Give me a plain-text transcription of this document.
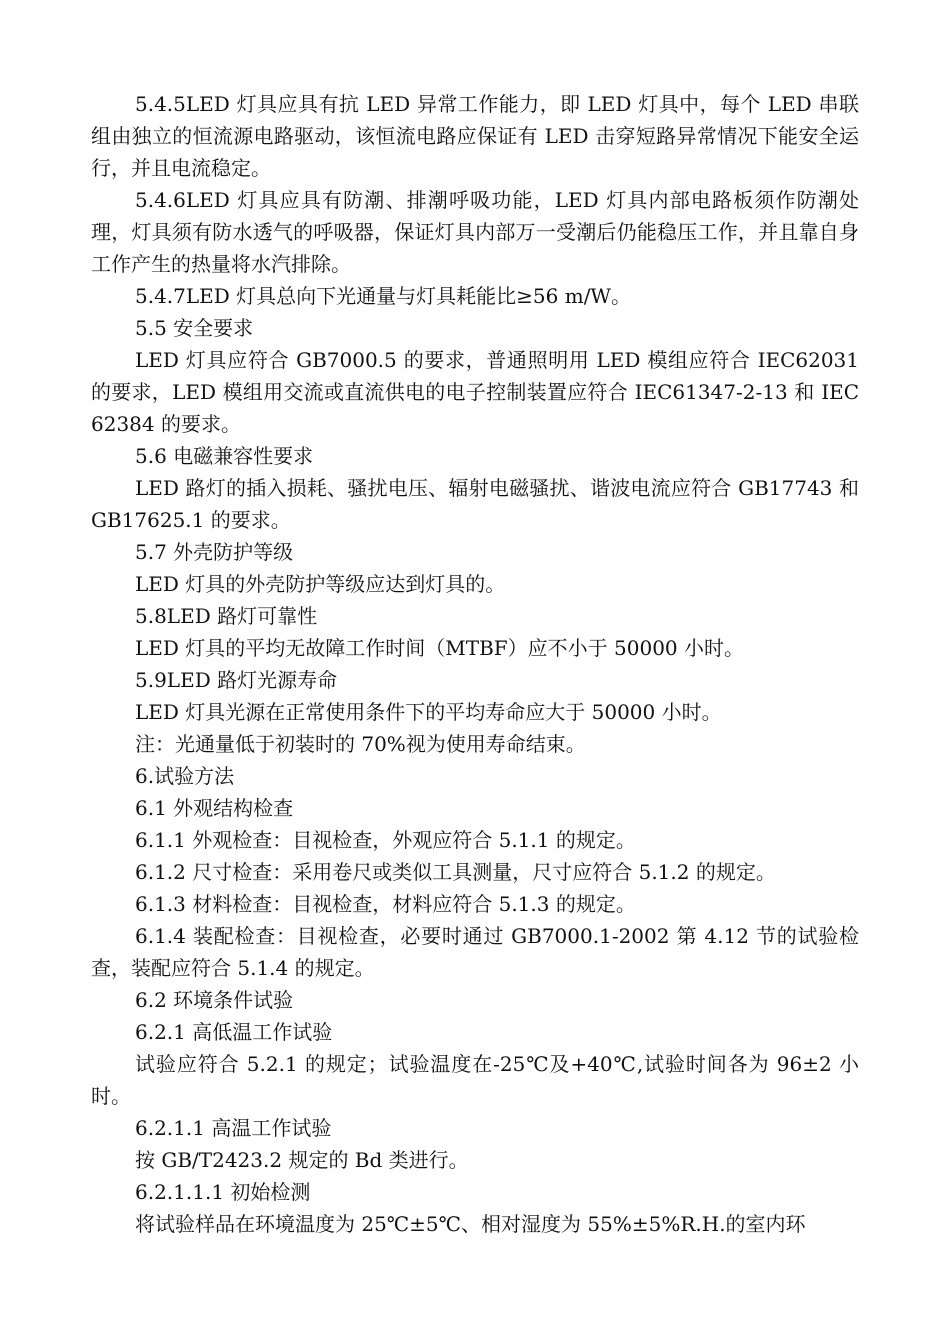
5.4.5LED 灯具应具有抗 LED 异常工作能力，即 LED 灯具中，每个 LED 串联组由独立的恒流源电路驱动，该恒流电路应保证有 LED 击穿短路异常情况下能安全运行，并且电流稳定。

5.4.6LED 灯具应具有防潮、排潮呼吸功能，LED 灯具内部电路板须作防潮处理，灯具须有防水透气的呼吸器，保证灯具内部万一受潮后仍能稳压工作，并且靠自身工作产生的热量将水汽排除。

5.4.7LED 灯具总向下光通量与灯具耗能比≥56 m/W。

5.5 安全要求

LED 灯具应符合 GB7000.5 的要求，普通照明用 LED 模组应符合 IEC62031 的要求，LED 模组用交流或直流供电的电子控制装置应符合 IEC61347-2-13 和 IEC62384 的要求。

5.6 电磁兼容性要求

LED 路灯的插入损耗、骚扰电压、辐射电磁骚扰、谐波电流应符合 GB17743 和 GB17625.1 的要求。

5.7 外壳防护等级

LED 灯具的外壳防护等级应达到灯具的。

5.8LED 路灯可靠性

LED 灯具的平均无故障工作时间（MTBF）应不小于 50000 小时。

5.9LED 路灯光源寿命

LED 灯具光源在正常使用条件下的平均寿命应大于 50000 小时。

注：光通量低于初装时的 70%视为使用寿命结束。

6.试验方法

6.1 外观结构检查

6.1.1 外观检查：目视检查，外观应符合 5.1.1 的规定。

6.1.2 尺寸检查：采用卷尺或类似工具测量，尺寸应符合 5.1.2 的规定。

6.1.3 材料检查：目视检查，材料应符合 5.1.3 的规定。

6.1.4 装配检查：目视检查，必要时通过 GB7000.1-2002 第 4.12 节的试验检查，装配应符合 5.1.4 的规定。

6.2 环境条件试验

6.2.1 高低温工作试验

试验应符合 5.2.1 的规定；试验温度在-25℃及+40℃,试验时间各为 96±2 小时。

6.2.1.1 高温工作试验

按 GB/T2423.2 规定的 Bd 类进行。

6.2.1.1.1 初始检测

将试验样品在环境温度为 25℃±5℃、相对湿度为 55%±5%R.H.的室内环
